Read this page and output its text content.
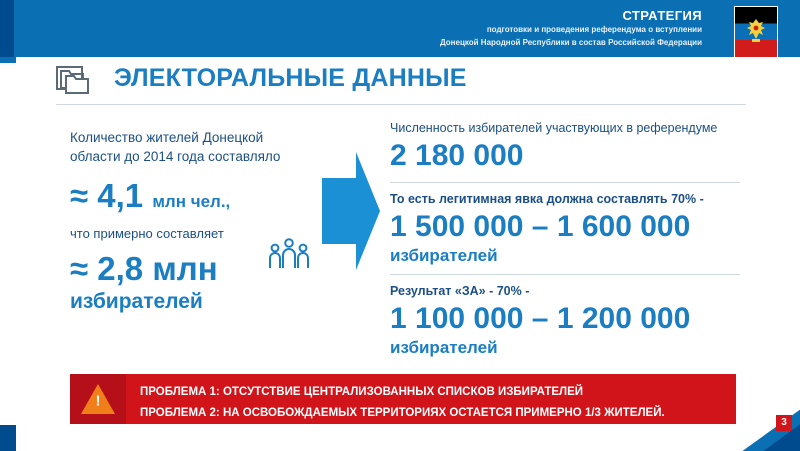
СТРАТЕГИЯ
подготовки и проведения референдума о вступлении
Донецкой Народной Республики в состав Российской Федерации
ЭЛЕКТОРАЛЬНЫЕ ДАННЫЕ
Количество жителей Донецкой
области до 2014 года составляло
≈ 4,1 млн чел.,
что примерно составляет
≈ 2,8 млн
избирателей
Численность избирателей участвующих в референдуме
2 180 000
То есть легитимная явка должна составлять 70% -
1 500 000 – 1 600 000
избирателей
Результат «ЗА» - 70% -
1 100 000 – 1 200 000
избирателей
!
ПРОБЛЕМА 1: ОТСУТСТВИЕ ЦЕНТРАЛИЗОВАННЫХ СПИСКОВ ИЗБИРАТЕЛЕЙ
ПРОБЛЕМА 2: НА ОСВОБОЖДАЕМЫХ ТЕРРИТОРИЯХ ОСТАЕТСЯ ПРИМЕРНО 1/3 ЖИТЕЛЕЙ.
3
